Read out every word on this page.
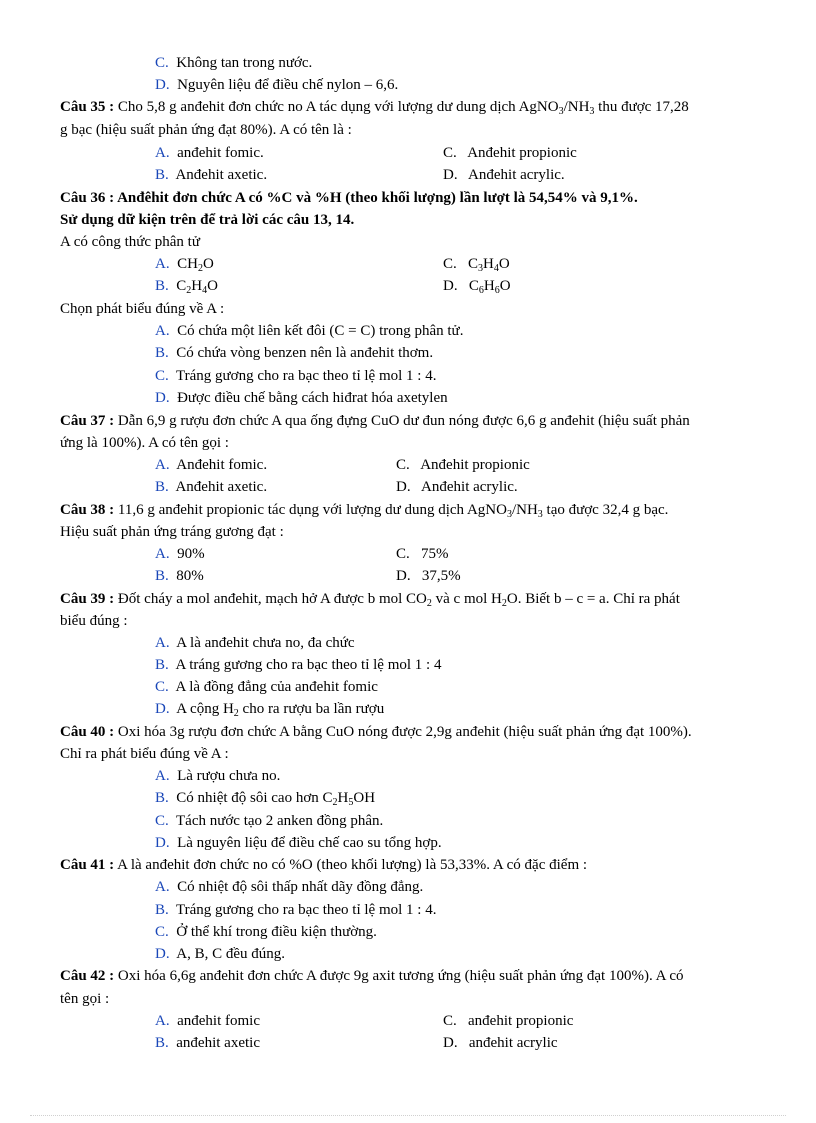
C. Không tan trong nước.
D. Nguyên liệu để điều chế nylon – 6,6.
Câu 35 : Cho 5,8 g anđehit đơn chức no A tác dụng với lượng dư dung dịch $AgNO_3/NH_3$ thu được 17,28
g bạc (hiệu suất phản ứng đạt 80%). A có tên là :
A. anđehit fomic.	C. Anđehit propionic
B. Anđehit axetic.	D. Anđehit acrylic.
Câu 36 : Anđêhit đơn chức A có %C và %H (theo khối lượng) lần lượt là 54,54% và 9,1%.
Sử dụng dữ kiện trên để trả lời các câu 13, 14.
A có công thức phân tử
A. $CH_2O$	C. $C_3H_4O$
B. $C_2H_4O$	D. $C_6H_6O$
Chọn phát biểu đúng về A :
A. Có chứa một liên kết đôi (C = C) trong phân tử.
B. Có chứa vòng benzen nên là anđehit thơm.
C. Tráng gương cho ra bạc theo tỉ lệ mol 1 : 4.
D. Được điều chế bằng cách hiđrat hóa axetylen
Câu 37 : Dẫn 6,9 g rượu đơn chức A qua ống đựng CuO dư đun nóng được 6,6 g anđehit (hiệu suất phản
ứng là 100%). A có tên gọi :
A. Anđehit fomic.	C. Anđehit propionic
B. Anđehit axetic.	D. Anđehit acrylic.
Câu 38 : 11,6 g anđehit propionic tác dụng với lượng dư dung dịch $AgNO_3/NH_3$ tạo được 32,4 g bạc.
Hiệu suất phản ứng tráng gương đạt :
A. 90%	C. 75%
B. 80%	D. 37,5%
Câu 39 : Đốt cháy a mol anđehit, mạch hở A được b mol $CO_2$ và c mol $H_2O$. Biết b – c = a. Chỉ ra phát
biểu đúng :
A. A là anđehit chưa no, đa chức
B. A tráng gương cho ra bạc theo tỉ lệ mol 1 : 4
C. A là đồng đẳng của anđehit fomic
D. A cộng $H_2$ cho ra rượu ba lần rượu
Câu 40 : Oxi hóa 3g rượu đơn chức A bằng CuO nóng được 2,9g anđehit (hiệu suất phản ứng đạt 100%).
Chỉ ra phát biểu đúng về A :
A. Là rượu chưa no.
B. Có nhiệt độ sôi cao hơn $C_2H_5OH$
C. Tách nước tạo 2 anken đồng phân.
D. Là nguyên liệu để điều chế cao su tổng hợp.
Câu 41 : A là anđehit đơn chức no có %O (theo khối lượng) là 53,33%. A có đặc điểm :
A. Có nhiệt độ sôi thấp nhất dãy đồng đẳng.
B. Tráng gương cho ra bạc theo tỉ lệ mol 1 : 4.
C. Ở thể khí trong điều kiện thường.
D. A, B, C đều đúng.
Câu 42 : Oxi hóa 6,6g anđehit đơn chức A được 9g axit tương ứng (hiệu suất phản ứng đạt 100%). A có
tên gọi :
A. anđehit fomic	C. anđehit propionic
B. anđehit axetic	D. anđehit acrylic
